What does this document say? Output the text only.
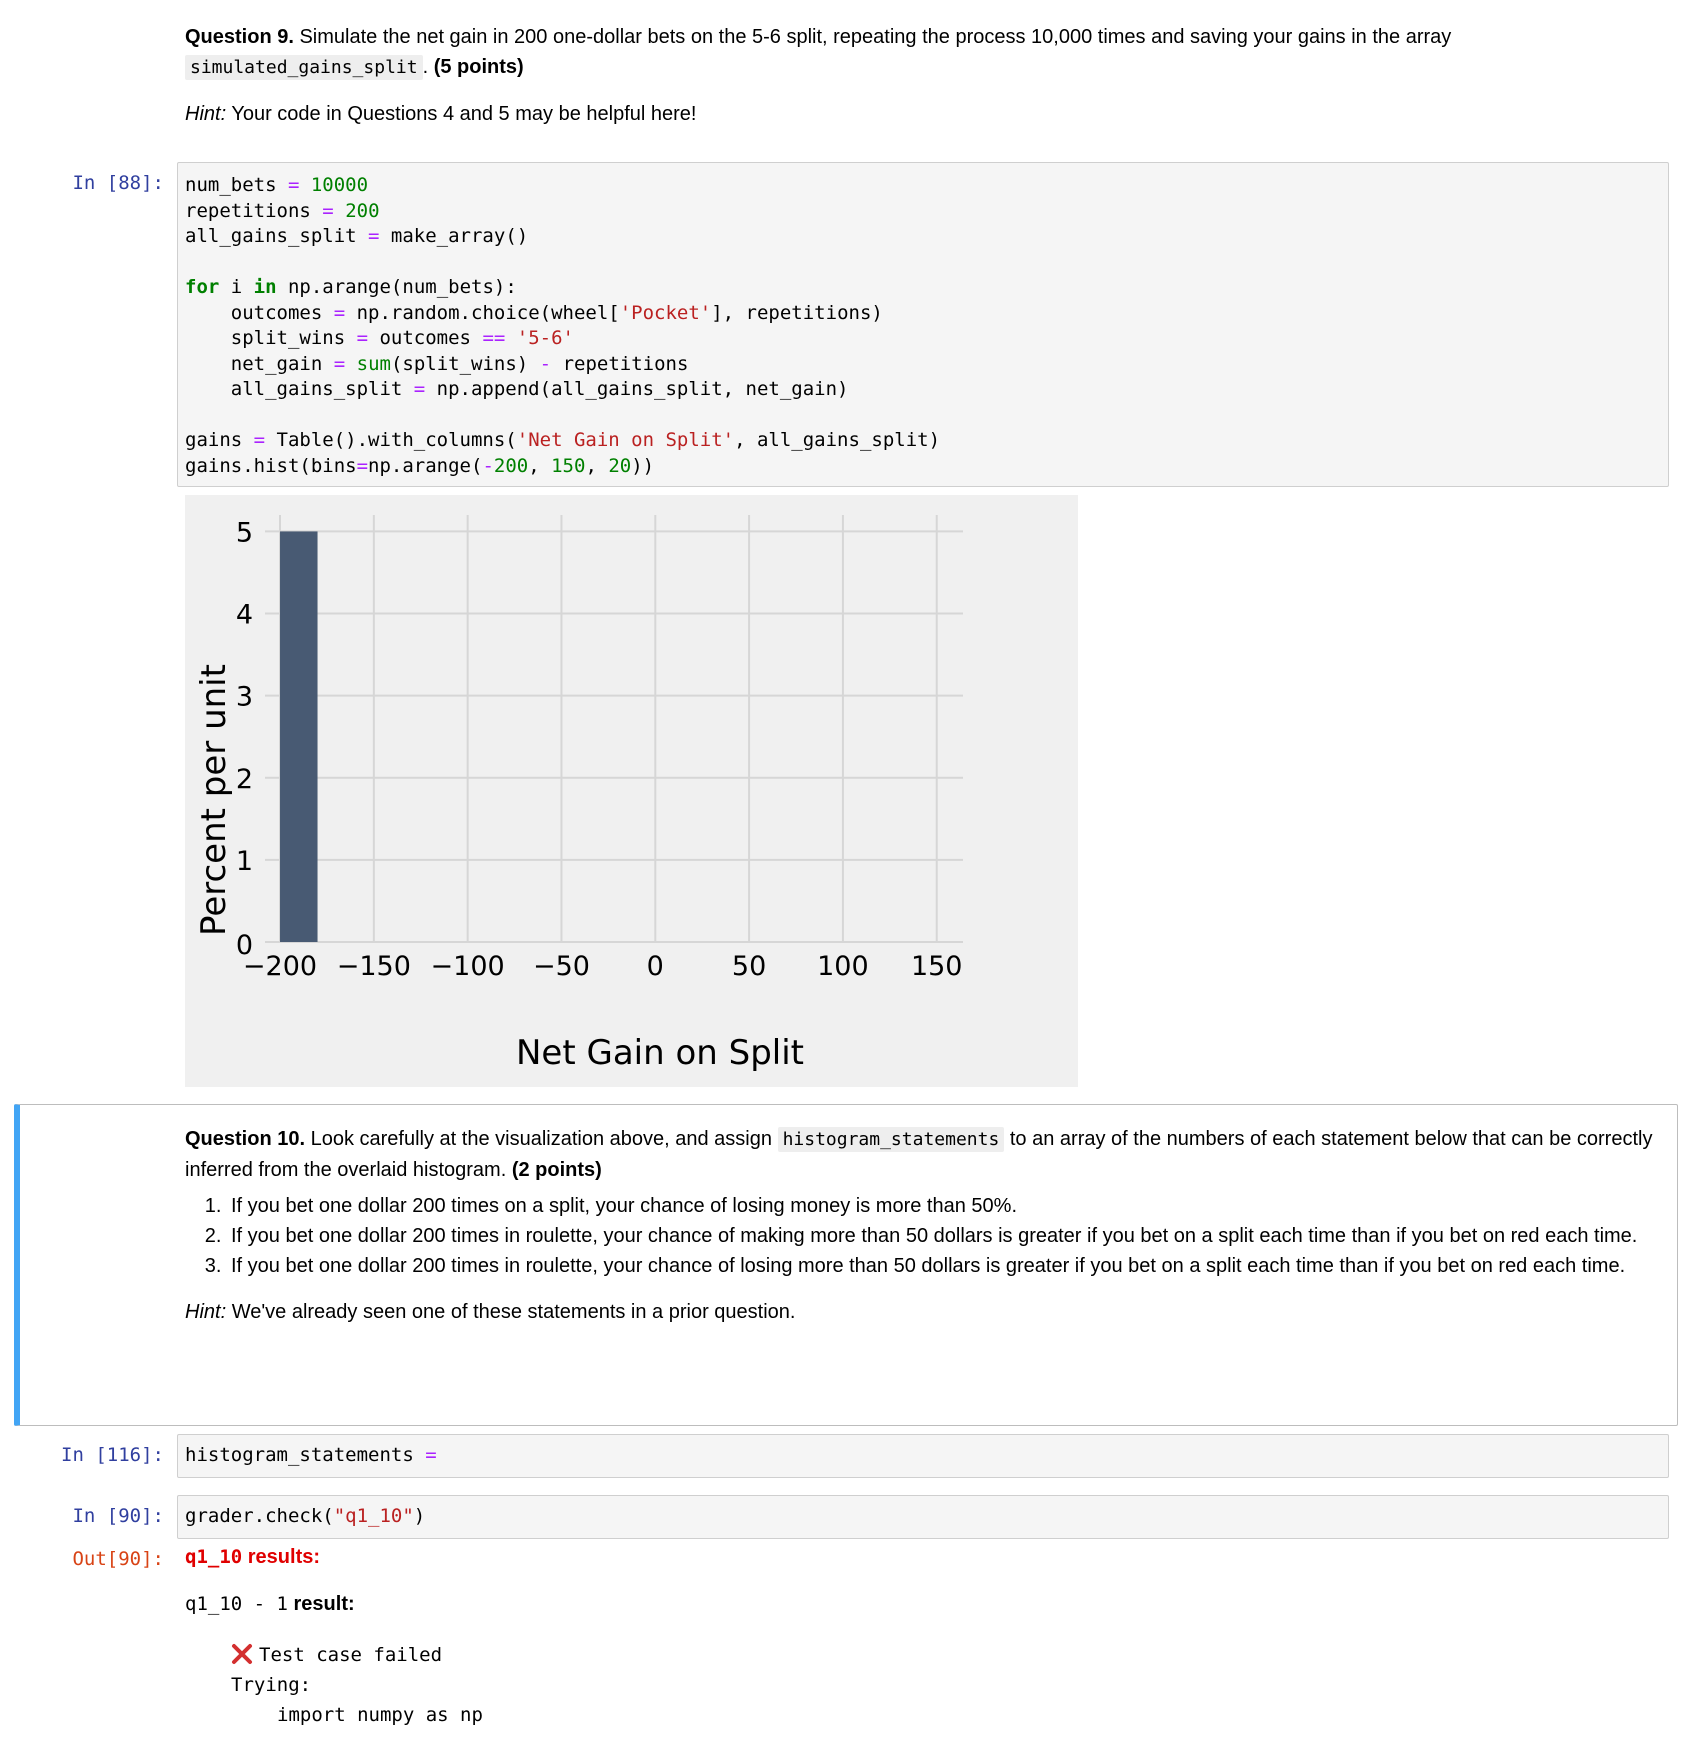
Question 9. Simulate the net gain in 200 one-dollar bets on the 5-6 split, repeating the process 10,000 times and saving your gains in the array simulated_gains_split . (5 points)

Hint: Your code in Questions 4 and 5 may be helpful here!

In [88]:	num_bets = 10000
repetitions = 200
all_gains_split = make_array()

for i in np.arange(num_bets):
outcomes = np.random.choice(wheel['Pocket'], repetitions)
split_wins = outcomes == '5-6'
net_gain = sum(split_wins) - repetitions
all_gains_split = np.append(all_gains_split, net_gain)

gains = Table().with_columns('Net Gain on Split', all_gains_split)
gains.hist(bins=np.arange(-200, 150, 20))
−200 −150 −100 −50 0	50 100 150
0
1
2
3
4
5
Net Gain on Split
Percent per unit

Question 10. Look carefully at the visualization above, and assign histogram_statements to an array of the numbers of each statement below that can be correctly inferred from the overlaid histogram. (2 points)

1. If you bet one dollar 200 times on a split, your chance of losing money is more than 50%.
2. If you bet one dollar 200 times in roulette, your chance of making more than 50 dollars is greater if you bet on a split each time than if you bet on red each time.
3. If you bet one dollar 200 times in roulette, your chance of losing more than 50 dollars is greater if you bet on a split each time than if you bet on red each time.

Hint: We've already seen one of these statements in a prior question.

In [116]:	histogram_statements =
In [90]:	grader.check("q1_10")
Out[90]: q1_10 results:
q1_10 - 1 result:
Test case failed
Trying:
import numpy as np
